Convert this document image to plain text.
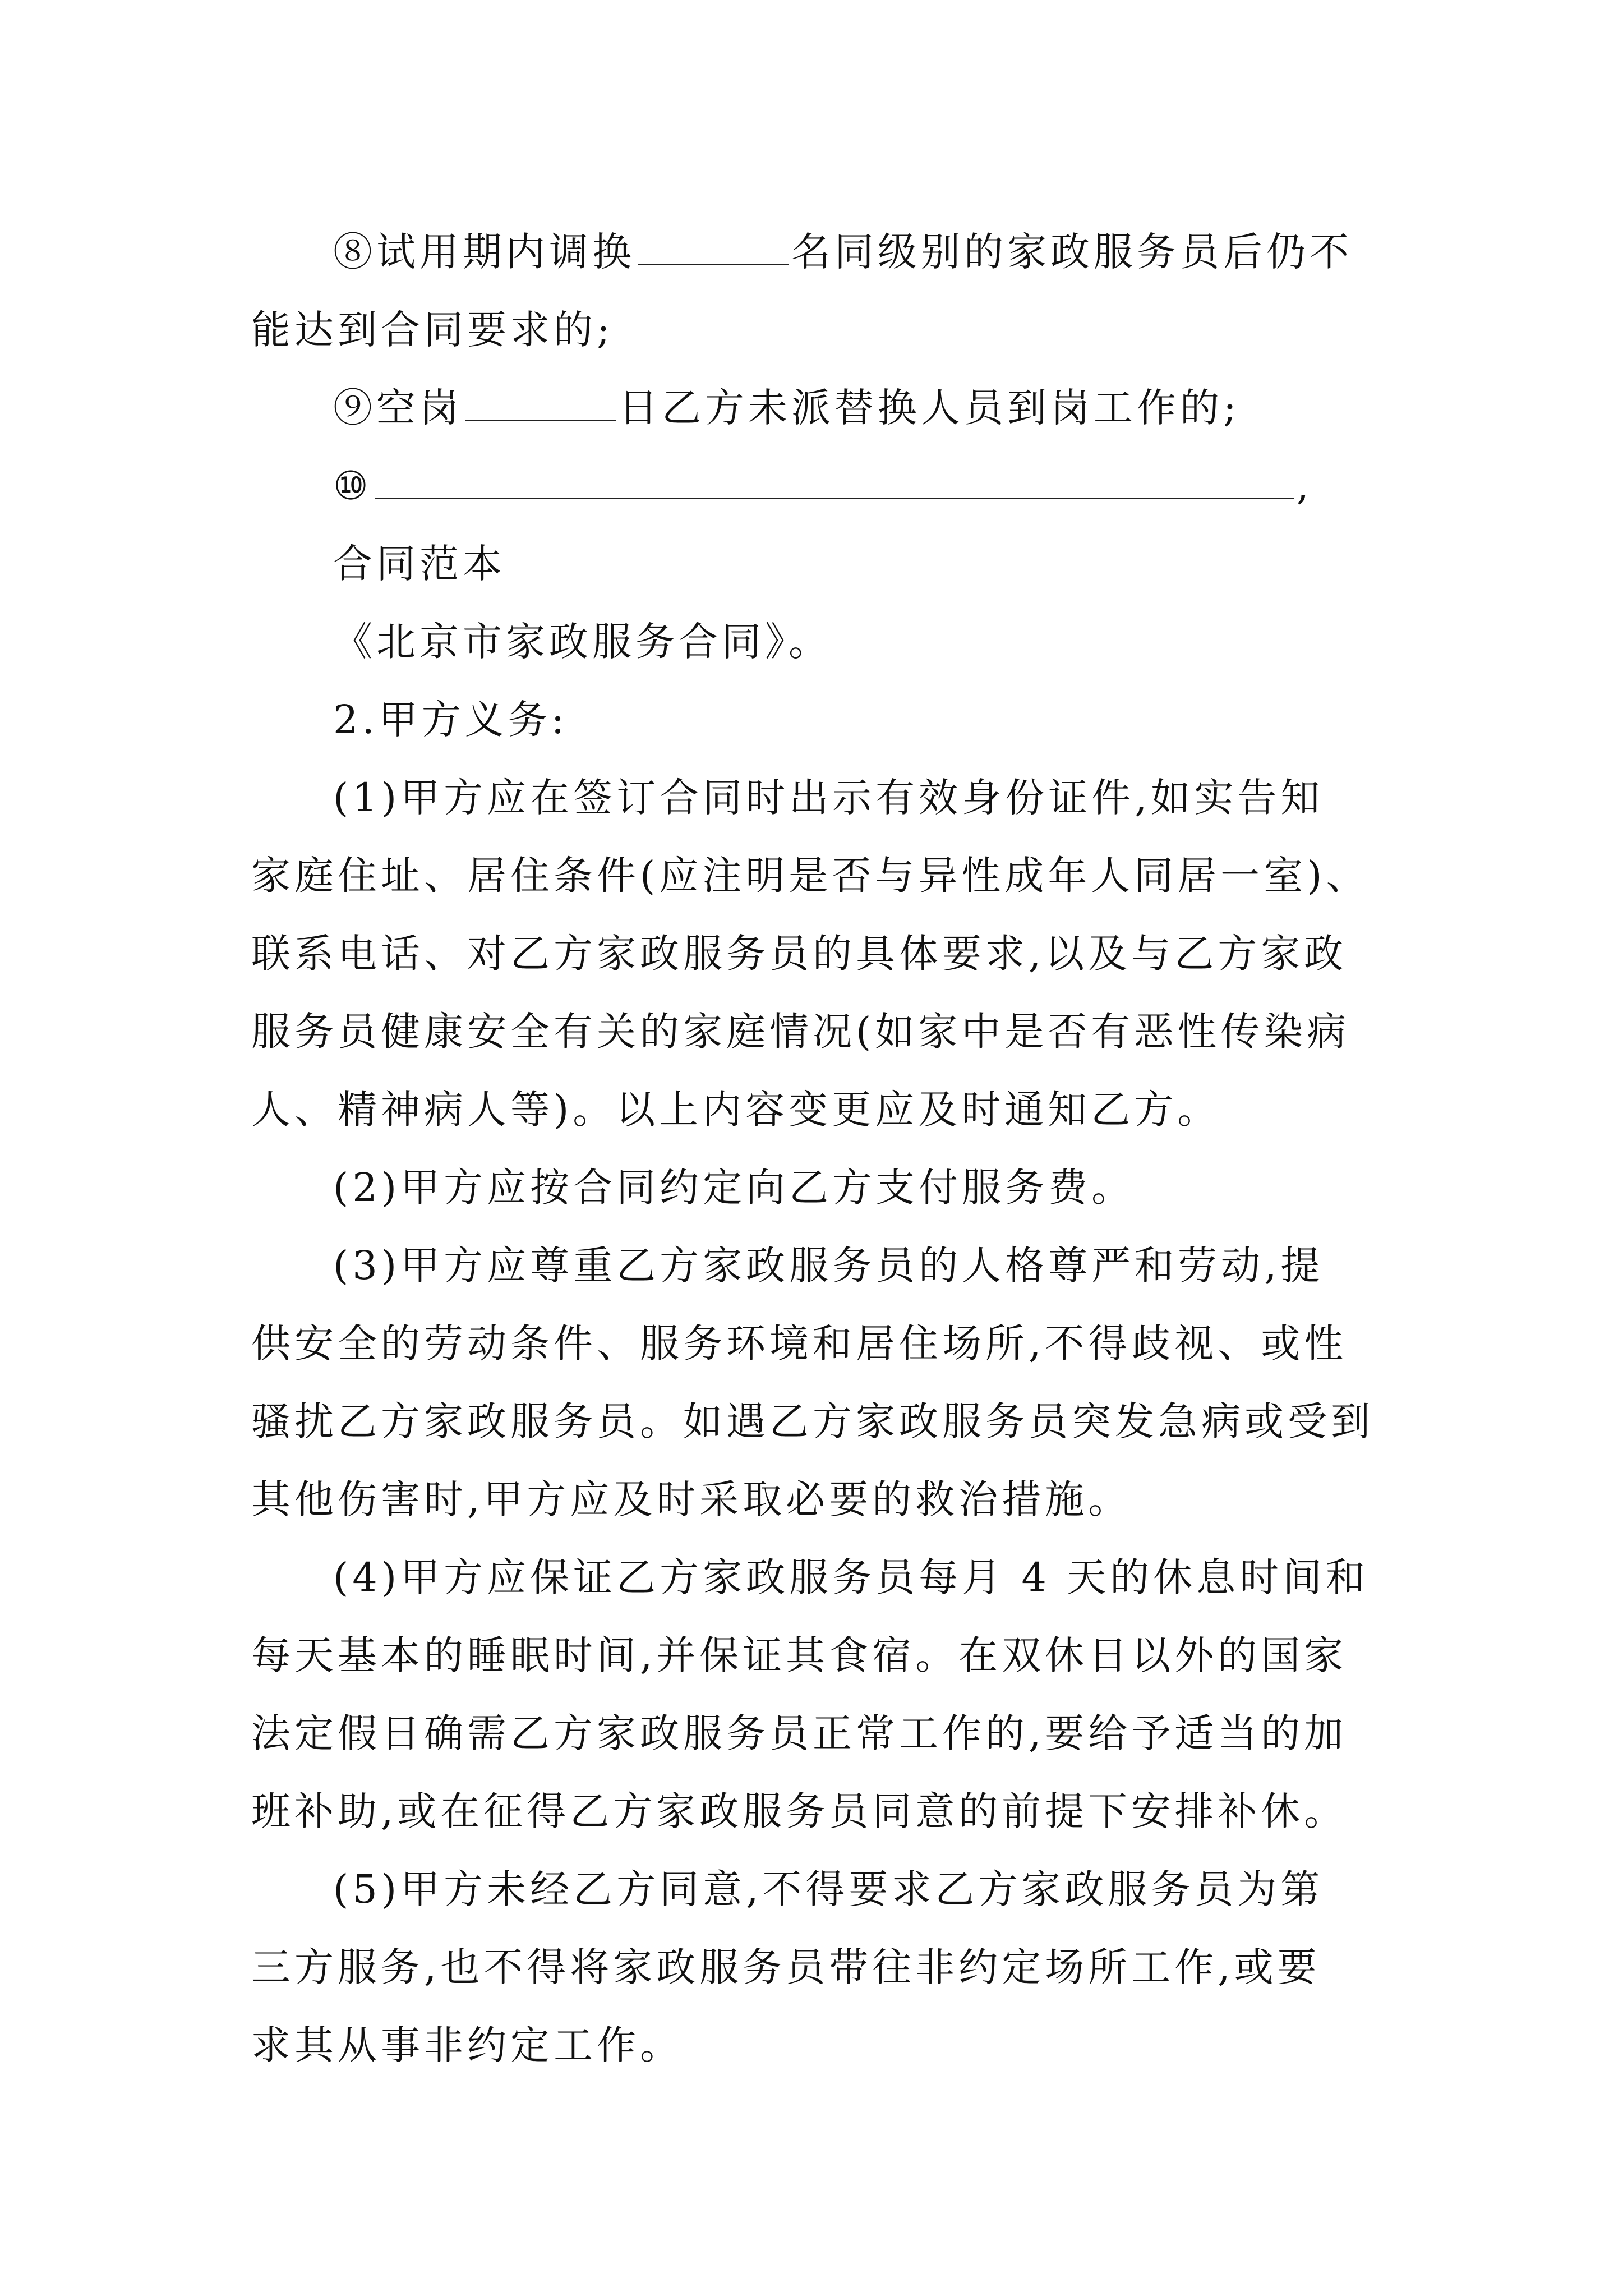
⑧试用期内调换	名同级别的家政服务员后仍不
能达到合同要求的;
⑨空岗	日乙方未派替换人员到岗工作的;
⑩	,
合同范本
《北京市家政服务合同》。
2.甲方义务:
(1)甲方应在签订合同时出示有效身份证件,如实告知
家庭住址、居住条件(应注明是否与异性成年人同居一室)、
联系电话、对乙方家政服务员的具体要求,以及与乙方家政
服务员健康安全有关的家庭情况(如家中是否有恶性传染病
人、精神病人等)。以上内容变更应及时通知乙方。
(2)甲方应按合同约定向乙方支付服务费。
(3)甲方应尊重乙方家政服务员的人格尊严和劳动,提
供安全的劳动条件、服务环境和居住场所,不得歧视、或性
骚扰乙方家政服务员。如遇乙方家政服务员突发急病或受到
其他伤害时,甲方应及时采取必要的救治措施。
(4)甲方应保证乙方家政服务员每月 4 天的休息时间和
每天基本的睡眠时间,并保证其食宿。在双休日以外的国家
法定假日确需乙方家政服务员正常工作的,要给予适当的加
班补助,或在征得乙方家政服务员同意的前提下安排补休。
(5)甲方未经乙方同意,不得要求乙方家政服务员为第
三方服务,也不得将家政服务员带往非约定场所工作,或要
求其从事非约定工作。
